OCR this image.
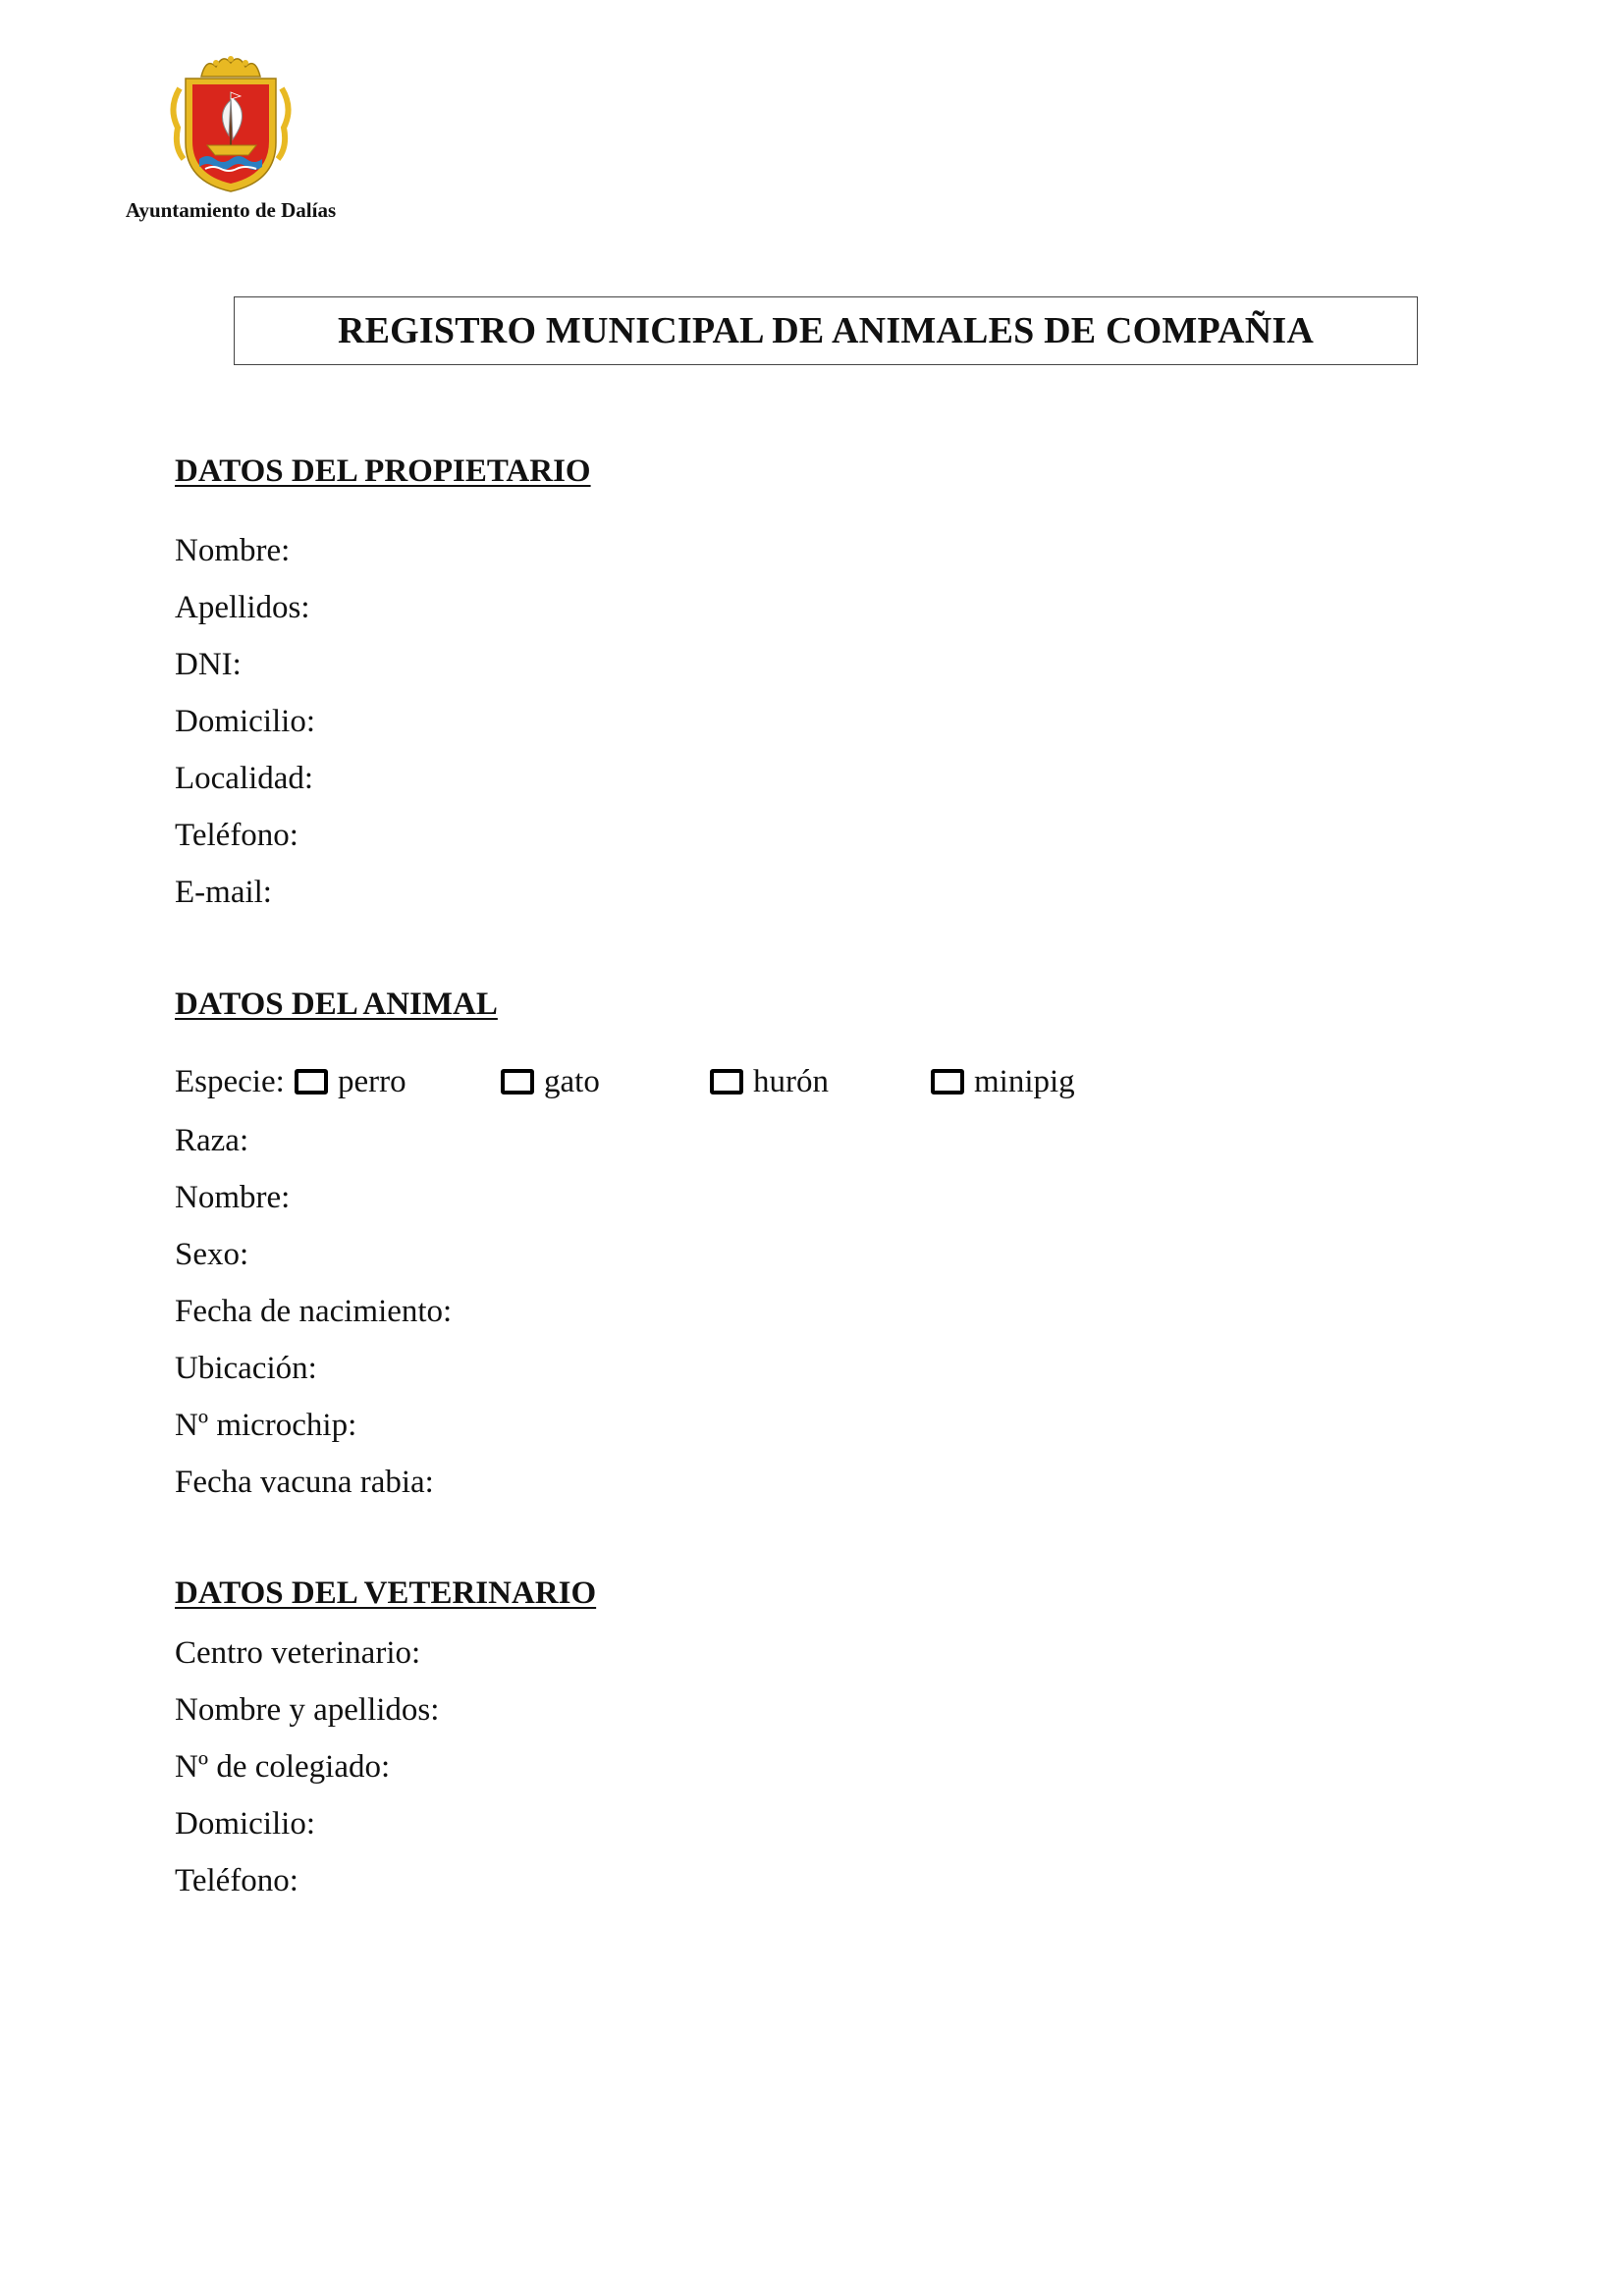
Ayuntamiento de Dalías
REGISTRO MUNICIPAL DE ANIMALES DE COMPAÑIA
DATOS DEL PROPIETARIO
Nombre:
Apellidos:
DNI:
Domicilio:
Localidad:
Teléfono:
E-mail:
DATOS DEL ANIMAL
Especie: perro	gato	hurón	minipig
Raza:
Nombre:
Sexo:
Fecha de nacimiento:
Ubicación:
Nº microchip:
Fecha vacuna rabia:
DATOS DEL VETERINARIO
Centro veterinario:
Nombre y apellidos:
Nº de colegiado:
Domicilio:
Teléfono:
